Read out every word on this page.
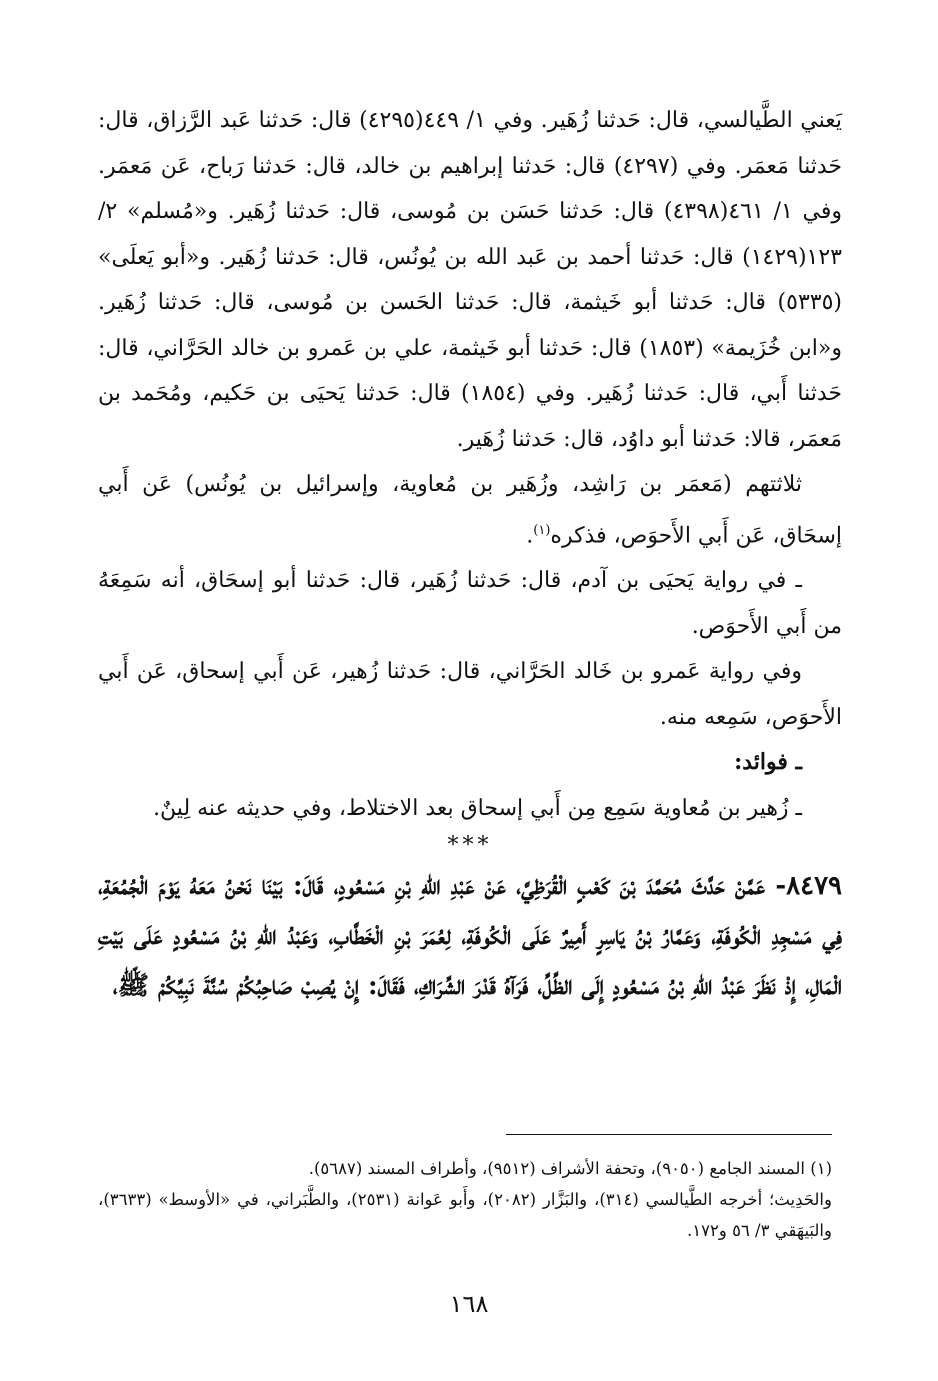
يَعني الطَّيالسي، قال: حَدثنا زُهَير. وفي ١/ ٤٤٩(٤٢٩٥) قال: حَدثنا عَبد الرَّزاق، قال: حَدثنا مَعمَر. وفي (٤٢٩٧) قال: حَدثنا إبراهيم بن خالد، قال: حَدثنا رَباح، عَن مَعمَر. وفي ١/ ٤٦١(٤٣٩٨) قال: حَدثنا حَسَن بن مُوسى، قال: حَدثنا زُهَير. و«مُسلم» ٢/ ١٢٣(١٤٢٩) قال: حَدثنا أحمد بن عَبد الله بن يُونُس، قال: حَدثنا زُهَير. و«أبو يَعلَى» (٥٣٣٥) قال: حَدثنا أبو خَيثمة، قال: حَدثنا الحَسن بن مُوسى، قال: حَدثنا زُهَير. و«ابن خُزَيمة» (١٨٥٣) قال: حَدثنا أبو خَيثمة، علي بن عَمرو بن خالد الحَرَّاني، قال: حَدثنا أَبي، قال: حَدثنا زُهَير. وفي (١٨٥٤) قال: حَدثنا يَحيَى بن حَكيم، ومُحَمد بن مَعمَر، قالا: حَدثنا أبو داوُد، قال: حَدثنا زُهَير.

ثلاثتهم (مَعمَر بن رَاشِد، وزُهَير بن مُعاوية، وإسرائيل بن يُونُس) عَن أَبي إسحَاق، عَن أَبي الأَحوَص، فذكره$^{(١)}$.

ـ في رواية يَحيَى بن آدم، قال: حَدثنا زُهَير، قال: حَدثنا أبو إسحَاق، أنه سَمِعَهُ من أَبي الأَحوَص.

وفي رواية عَمرو بن خَالد الحَرَّاني، قال: حَدثنا زُهير، عَن أَبي إسحاق، عَن أَبي الأَحوَص، سَمِعه منه.

ـ فوائد:

ـ زُهير بن مُعاوية سَمِع مِن أَبي إسحاق بعد الاختلاط، وفي حديثه عنه لِينٌ.

***

٨٤٧٩- عَمَّنْ حَدَّثَ مُحَمَّدَ بْنَ كَعْبٍ الْقُرَظِيَّ، عَنْ عَبْدِ اللهِ بْنِ مَسْعُودٍ، قَالَ: بَيْنَا نَحْنُ مَعَهُ يَوْمَ الْجُمُعَةِ، فِي مَسْجِدِ الْكُوفَةِ، وَعَمَّارُ بْنُ يَاسِرٍ أَمِيرٌ عَلَى الْكُوفَةِ، لِعُمَرَ بْنِ الْخَطَّابِ، وَعَبْدُ اللهِ بْنُ مَسْعُودٍ عَلَى بَيْتِ الْمَالِ، إِذْ نَظَرَ عَبْدُ اللهِ بْنُ مَسْعُودٍ إِلَى الظِّلِّ، فَرَآهُ قَدْرَ الشِّرَاكِ، فَقَالَ: إِنْ يُصِبْ صَاحِبُكُمْ سُنَّةَ نَبِيِّكُمْ ﷺ،

(١) المسند الجامع (٩٠٥٠)، وتحفة الأشراف (٩٥١٢)، وأطراف المسند (٥٦٨٧).

والحَدِيث؛ أخرجه الطَّيالسي (٣١٤)، والبَزَّار (٢٠٨٢)، وأَبو عَوانة (٢٥٣١)، والطَّبَراني، في «الأوسط» (٣٦٣٣)، والبَيهَقي ٣/ ٥٦ و١٧٢.

١٦٨
